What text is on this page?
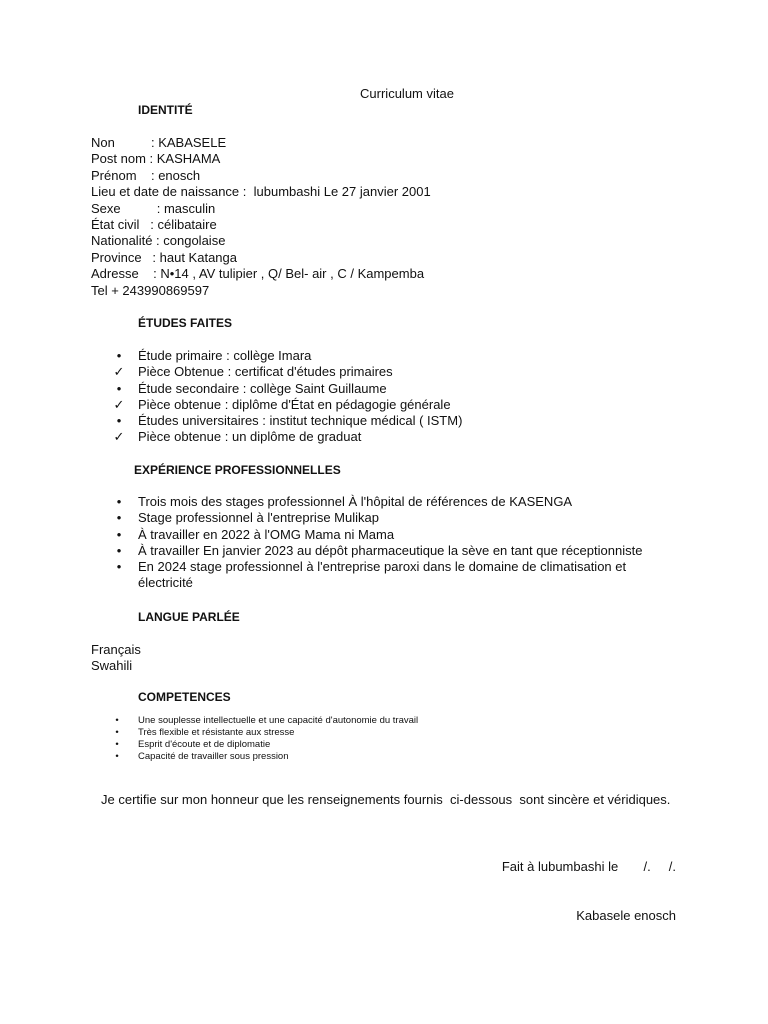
Curriculum vitae
IDENTITÉ
Non          : KABASELE
Post nom : KASHAMA
Prénom    : enosch
Lieu et date de naissance :  lubumbashi Le 27 janvier 2001
Sexe          : masculin
État civil   : célibataire
Nationalité : congolaise
Province   : haut Katanga
Adresse    : N•14 , AV tulipier , Q/ Bel- air , C / Kampemba
Tel + 243990869597
ÉTUDES FAITES
•	Étude primaire : collège Imara
✓ Pièce Obtenue : certificat d'études primaires
•	Étude secondaire : collège Saint Guillaume
✓ Pièce obtenue : diplôme d'État en pédagogie générale
•	Études universitaires : institut technique médical ( ISTM)
✓ Pièce obtenue : un diplôme de graduat
EXPÉRIENCE PROFESSIONNELLES
•	Trois mois des stages professionnel À l'hôpital de références de KASENGA
•	Stage professionnel à l'entreprise Mulikap
•	À travailler en 2022 à l'OMG Mama ni Mama
•	À travailler En janvier 2023 au dépôt pharmaceutique la sève en tant que réceptionniste
•	En 2024 stage professionnel à l'entreprise paroxi dans le domaine de climatisation et électricité
LANGUE PARLÉE
Français
Swahili
COMPETENCES
•	Une souplesse intellectuelle et une capacité d'autonomie du travail
•	Très flexible et résistante aux stresse
•	Esprit d'écoute et de diplomatie
•	Capacité de travailler sous pression
Je certifie sur mon honneur que les renseignements fournis  ci-dessous  sont sincère et véridiques.

Fait à lubumbashi le       /.     /.

Kabasele enosch
